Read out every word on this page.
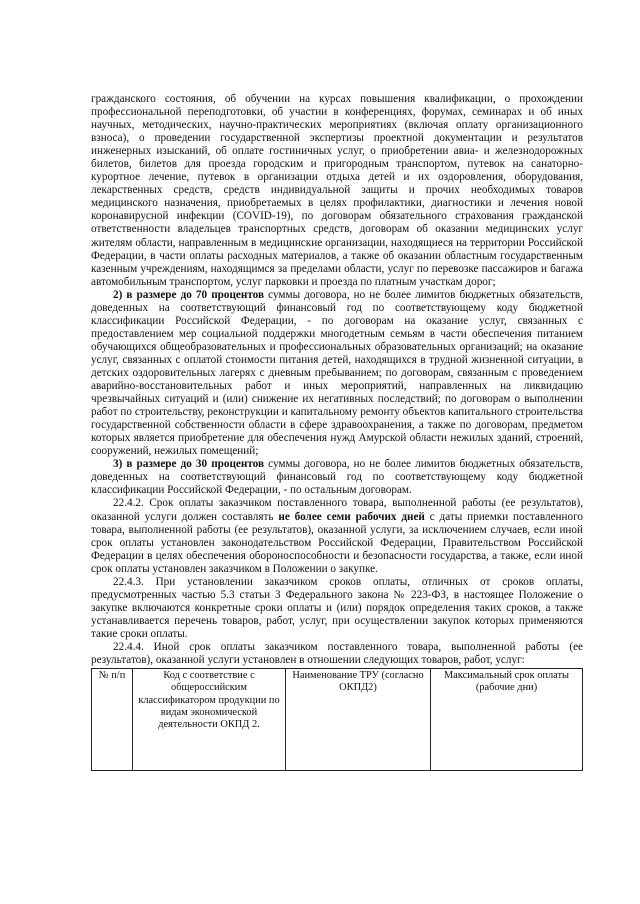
гражданского состояния, об обучении на курсах повышения квалификации, о прохождении профессиональной переподготовки, об участии в конференциях, форумах, семинарах и об иных научных, методических, научно-практических мероприятиях (включая оплату организационного взноса), о проведении государственной экспертизы проектной документации и результатов инженерных изысканий, об оплате гостиничных услуг, о приобретении авиа- и железнодорожных билетов, билетов для проезда городским и пригородным транспортом, путевок на санаторно-курортное лечение, путевок в организации отдыха детей и их оздоровления, оборудования, лекарственных средств, средств индивидуальной защиты и прочих необходимых товаров медицинского назначения, приобретаемых в целях профилактики, диагностики и лечения новой коронавирусной инфекции (COVID-19), по договорам обязательного страхования гражданской ответственности владельцев транспортных средств, договорам об оказании медицинских услуг жителям области, направленным в медицинские организации, находящиеся на территории Российской Федерации, в части оплаты расходных материалов, а также об оказании областным государственным казенным учреждениям, находящимся за пределами области, услуг по перевозке пассажиров и багажа автомобильным транспортом, услуг парковки и проезда по платным участкам дорог;

2) в размере до 70 процентов суммы договора, но не более лимитов бюджетных обязательств, доведенных на соответствующий финансовый год по соответствующему коду бюджетной классификации Российской Федерации, - по договорам на оказание услуг, связанных с предоставлением мер социальной поддержки многодетным семьям в части обеспечения питанием обучающихся общеобразовательных и профессиональных образовательных организаций; на оказание услуг, связанных с оплатой стоимости питания детей, находящихся в трудной жизненной ситуации, в детских оздоровительных лагерях с дневным пребыванием; по договорам, связанным с проведением аварийно-восстановительных работ и иных мероприятий, направленных на ликвидацию чрезвычайных ситуаций и (или) снижение их негативных последствий; по договорам о выполнении работ по строительству, реконструкции и капитальному ремонту объектов капитального строительства государственной собственности области в сфере здравоохранения, а также по договорам, предметом которых является приобретение для обеспечения нужд Амурской области нежилых зданий, строений, сооружений, нежилых помещений;

3) в размере до 30 процентов суммы договора, но не более лимитов бюджетных обязательств, доведенных на соответствующий финансовый год по соответствующему коду бюджетной классификации Российской Федерации, - по остальным договорам.

22.4.2. Срок оплаты заказчиком поставленного товара, выполненной работы (ее результатов), оказанной услуги должен составлять не более семи рабочих дней с даты приемки поставленного товара, выполненной работы (ее результатов), оказанной услуги, за исключением случаев, если иной срок оплаты установлен законодательством Российской Федерации, Правительством Российской Федерации в целях обеспечения обороноспособности и безопасности государства, а также, если иной срок оплаты установлен заказчиком в Положении о закупке.

22.4.3. При установлении заказчиком сроков оплаты, отличных от сроков оплаты, предусмотренных частью 5.3 статьи 3 Федерального закона № 223-ФЗ, в настоящее Положение о закупке включаются конкретные сроки оплаты и (или) порядок определения таких сроков, а также устанавливается перечень товаров, работ, услуг, при осуществлении закупок которых применяются такие сроки оплаты.

22.4.4. Иной срок оплаты заказчиком поставленного товара, выполненной работы (ее результатов), оказанной услуги установлен в отношении следующих товаров, работ, услуг:

№ п/п	Код с соответствие с общероссийским классификатором продукции по видам экономической деятельности ОКПД 2.	Наименование ТРУ (согласно ОКПД2)	Максимальный срок оплаты (рабочие дни)
